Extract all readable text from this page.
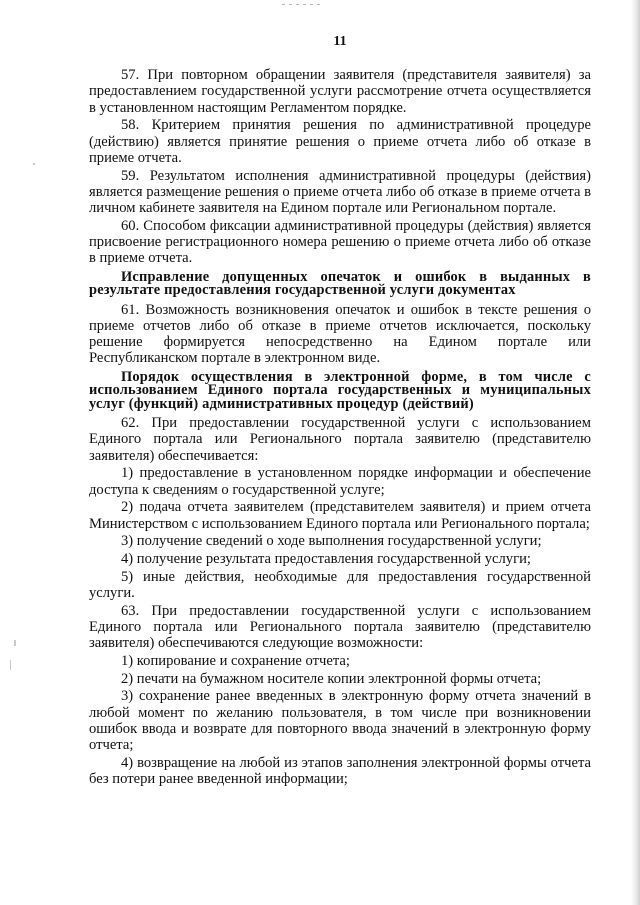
11

57. При повторном обращении заявителя (представителя заявителя) за предоставлением государственной услуги рассмотрение отчета осуществляется в установленном настоящим Регламентом порядке.

58. Критерием принятия решения по административной процедуре (действию) является принятие решения о приеме отчета либо об отказе в приеме отчета.

59. Результатом исполнения административной процедуры (действия) является размещение решения о приеме отчета либо об отказе в приеме отчета в личном кабинете заявителя на Едином портале или Региональном портале.

60. Способом фиксации административной процедуры (действия) является присвоение регистрационного номера решению о приеме отчета либо об отказе в приеме отчета.

Исправление допущенных опечаток и ошибок в выданных в результате предоставления государственной услуги документах

61. Возможность возникновения опечаток и ошибок в тексте решения о приеме отчетов либо об отказе в приеме отчетов исключается, поскольку решение формируется непосредственно на Едином портале или Республиканском портале в электронном виде.

Порядок осуществления в электронной форме, в том числе с использованием Единого портала государственных и муниципальных услуг (функций) административных процедур (действий)

62. При предоставлении государственной услуги с использованием Единого портала или Регионального портала заявителю (представителю заявителя) обеспечивается:

1) предоставление в установленном порядке информации и обеспечение доступа к сведениям о государственной услуге;

2) подача отчета заявителем (представителем заявителя) и прием отчета Министерством с использованием Единого портала или Регионального портала;

3) получение сведений о ходе выполнения государственной услуги;

4) получение результата предоставления государственной услуги;

5) иные действия, необходимые для предоставления государственной услуги.

63. При предоставлении государственной услуги с использованием Единого портала или Регионального портала заявителю (представителю заявителя) обеспечиваются следующие возможности:

1) копирование и сохранение отчета;

2) печати на бумажном носителе копии электронной формы отчета;

3) сохранение ранее введенных в электронную форму отчета значений в любой момент по желанию пользователя, в том числе при возникновении ошибок ввода и возврате для повторного ввода значений в электронную форму отчета;

4) возвращение на любой из этапов заполнения электронной формы отчета без потери ранее введенной информации;
